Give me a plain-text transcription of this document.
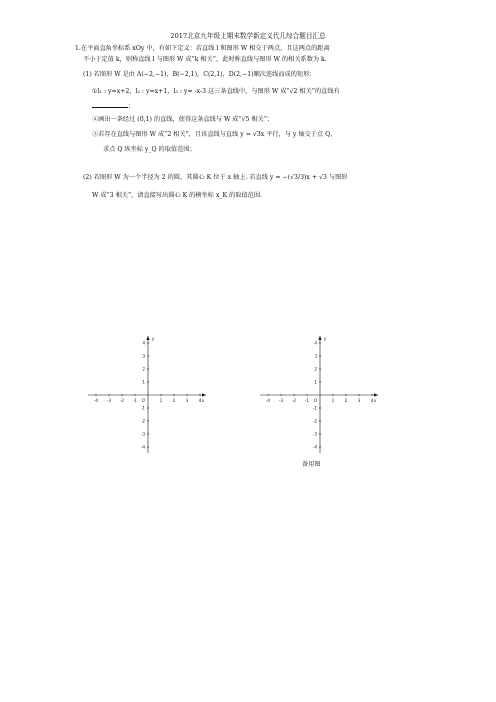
2017北京九年级上期末数学新定义代几综合题目汇总
1.在平面直角坐标系 xOy 中，有如下定义：若直线 l 和图形 W 相交于两点，且这两点的距离
不小于定值 k，则称直线 l 与图形 W 成“k 相关”，此时称直线与图形 W 的相关系数为 k.
(1) 若图形 W 是由 A(−2,−1)，B(−2,1)，C(2,1)，D(2,−1)顺次连线而成的矩形：
①l₁ : y=x+2，l₂ : y=x+1，l₃ : y= -x-3 这三条直线中，与图形 W 成“√2 相关”的直线有
；
②画出一条经过 (0,1) 的直线，使得这条直线与 W 成“√5 相关”；
③若存在直线与图形 W 成“2 相关”，且该直线与直线 y = √3x 平行，与 y 轴交于点 Q，
求点 Q 纵坐标 y_Q 的取值范围；
(2) 若图形 W 为一个半径为 2 的圆，其圆心 K 位于 x 轴上. 若直线 y = −(√3/3)x + √3 与图形
W 成“3 相关”，请直接写出圆心 K 的横坐标 x_K 的取值范围.
-4 -3 -2 -1	1 2 3 4
4
3
2
1
-1
-2
-3
-4
O	x
y
-4 -3 -2 -1	1 2 3 4
4
3
2
1
-1
-2
-3
-4
O	x
y
备用图
